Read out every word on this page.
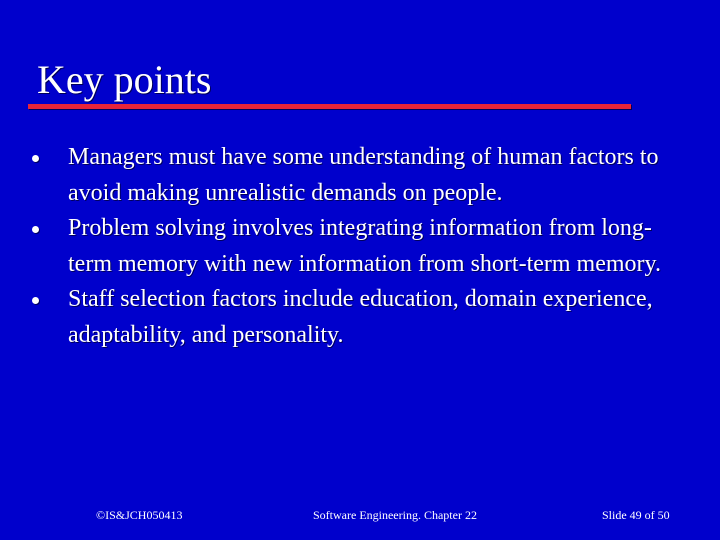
Key points
Managers must have some understanding of human factors to avoid making unrealistic demands on people.
Problem solving involves integrating information from long-term memory with new information from short-term memory.
Staff selection factors include education, domain experience, adaptability, and personality.
©IS&JCH050413	Software Engineering. Chapter 22	Slide 49 of 50
